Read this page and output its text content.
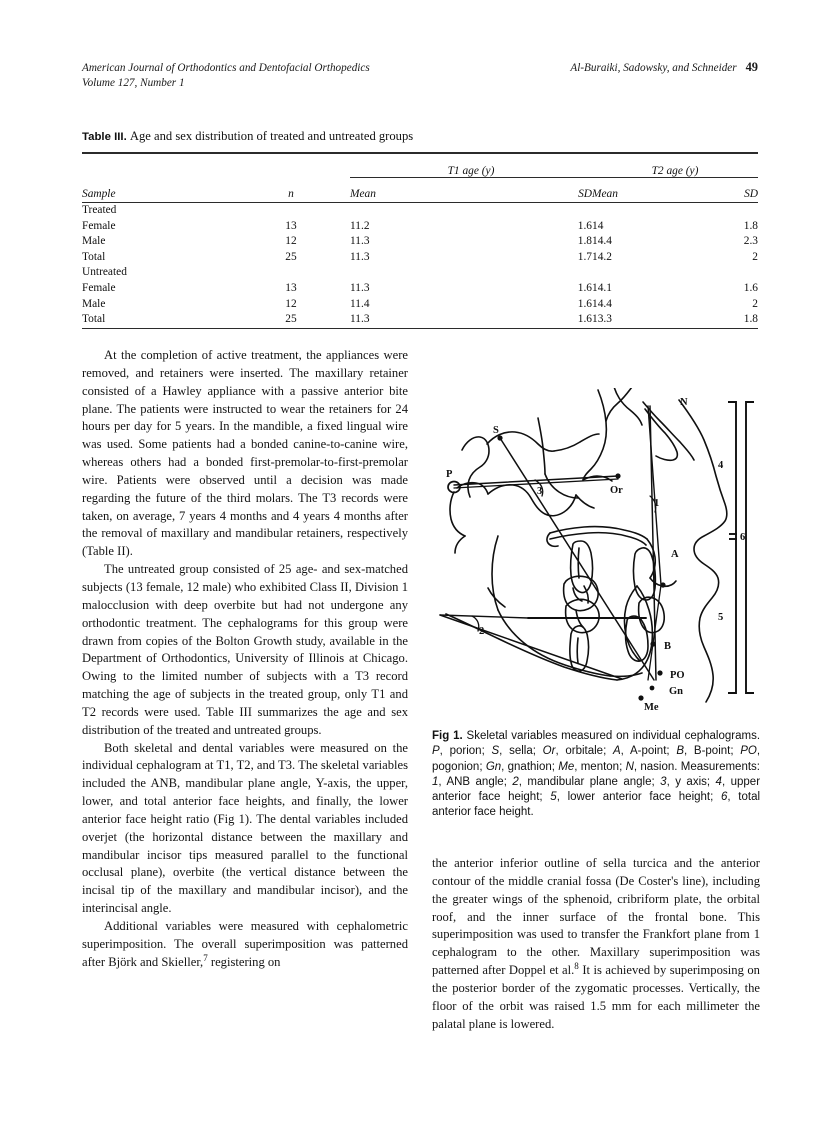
American Journal of Orthodontics and Dentofacial Orthopedics	Al-Buraiki, Sadowsky, and Schneider 49
Volume 127, Number 1
Table III. Age and sex distribution of treated and untreated groups

		T1 age (y)		T2 age (y)	
Sample	n	Mean	SD	Mean	SD

Treated					
Female	13	11.2	1.6	14	1.8
Male	12	11.3	1.8	14.4	2.3
Total	25	11.3	1.7	14.2	2
Untreated					
Female	13	11.3	1.6	14.1	1.6
Male	12	11.4	1.6	14.4	2
Total	25	11.3	1.6	13.3	1.8

At the completion of active treatment, the appliances were removed, and retainers were inserted. The maxillary retainer consisted of a Hawley appliance with a passive anterior bite plane. The patients were instructed to wear the retainers for 24 hours per day for 5 years. In the mandible, a fixed lingual wire was used. Some patients had a bonded canine-to-canine wire, whereas others had a bonded first-premolar-to-first-premolar wire. Patients were observed until a decision was made regarding the future of the third molars. The T3 records were taken, on average, 7 years 4 months and 4 years 4 months after the removal of maxillary and mandibular retainers, respectively (Table II).

The untreated group consisted of 25 age- and sex-matched subjects (13 female, 12 male) who exhibited Class II, Division 1 malocclusion with deep overbite but had not undergone any orthodontic treatment. The cephalograms for this group were drawn from copies of the Bolton Growth study, available in the Department of Orthodontics, University of Illinois at Chicago. Owing to the limited number of subjects with a T3 record matching the age of subjects in the treated group, only T1 and T2 records were used. Table III summarizes the age and sex distribution of the treated and untreated groups.

Both skeletal and dental variables were measured on the individual cephalogram at T1, T2, and T3. The skeletal variables included the ANB, mandibular plane angle, Y-axis, the upper, lower, and total anterior face heights, and finally, the lower anterior face height ratio (Fig 1). The dental variables included overjet (the horizontal distance between the maxillary and mandibular incisor tips measured parallel to the functional occlusal plane), overbite (the vertical distance between the incisal tip of the maxillary and mandibular incisor), and the interincisal angle.

Additional variables were measured with cephalometric superimposition. The overall superimposition was patterned after Björk and Skieller,$^7$ registering on

S
P
Or
N
A
B
PO
Gn
Me
1
2
3
4
5
6
Fig 1. Skeletal variables measured on individual cephalograms. P, porion; S, sella; Or, orbitale; A, A-point; B, B-point; PO, pogonion; Gn, gnathion; Me, menton; N, nasion. Measurements: 1, ANB angle; 2, mandibular plane angle; 3, y axis; 4, upper anterior face height; 5, lower anterior face height; 6, total anterior face height.

the anterior inferior outline of sella turcica and the anterior contour of the middle cranial fossa (De Coster's line), including the greater wings of the sphenoid, cribriform plate, the orbital roof, and the inner surface of the frontal bone. This superimposition was used to transfer the Frankfort plane from 1 cephalogram to the other. Maxillary superimposition was patterned after Doppel et al.$^8$ It is achieved by superimposing on the posterior border of the zygomatic processes. Vertically, the floor of the orbit was raised 1.5 mm for each millimeter the palatal plane is lowered.
